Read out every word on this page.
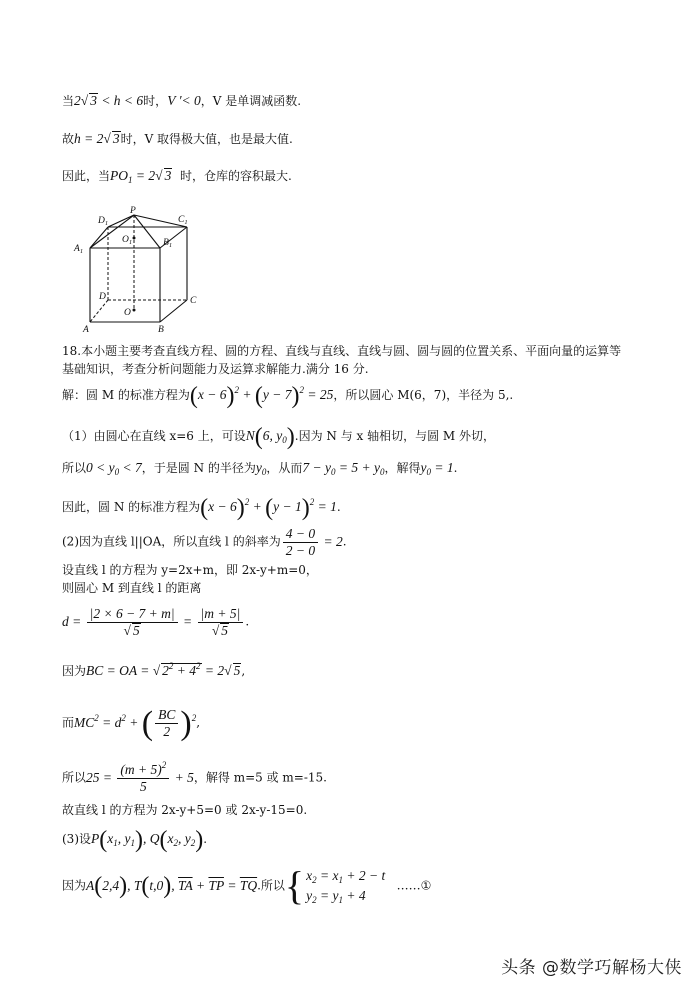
当2√ 3 < h < 6时，V ′< 0，V 是单调减函数.
故h = 2√ 3时，V 取得极大值，也是最大值.
因此，当$PO_1 = 2√$ 3 时，仓库的容积最大.
$D_1$
P
$C_1$
$A_1$
$O_1$	$B_1$
D	C
A
O
B
18.本小题主要考查直线方程、圆的方程、直线与直线、直线与圆、圆与圆的位置关系、平面向量的运算等
基础知识，考查分析问题能力及运算求解能力.满分 16 分.
解：圆 M 的标准方程为$(x - 6)^2 + (y - 7)^2 = 25$，所以圆心 M(6，7)，半径为 5,.
（1）由圆心在直线 x=6 上，可设N(6, $y_0$).因为 N 与 x 轴相切，与圆 M 外切，
所以$0 < y_0 < 7$，于是圆 N 的半径为$y_0$，从而$7 - y_0 = 5 + y_0$，解得$y_0 = 1$.
因此，圆 N 的标准方程为$(x - 6)^2 + (y - 1)^2 = 1$.
(2)因为直线 l||OA，所以直线 l 的斜率为 $\frac{4 - 0}{2 - 0} = 2$.
设直线 l 的方程为 y=2x+m，即 2x-y+m=0，
则圆心 M 到直线 l 的距离
$d = \frac{|2 \times 6 - 7 + m|}{√ 5} = \frac{|m + 5|}{√ 5}$ .
因为BC = OA = √ $2^2 + 4^2 = 2√$ 5,
而$MC^2 = d^2$ + ( $\frac{BC}{2} )^2$,
所以$25 = \frac{(m + 5)^2}{5} + 5$，解得 m=5 或 m=-15.
故直线 l 的方程为 2x-y+5=0 或 2x-y-15=0.
(3)设$P(x_1$, $y_1$), $Q(x_2$, $y_2$).
因为A(2,4), T(t,0), $\overline{TA} + \overline{TP} = \overline{TQ}$.所以 { $x_2 = x_1 + 2 - t$
$y_2 = y_1 + 4$
……①
头条 @数学巧解杨大侠
